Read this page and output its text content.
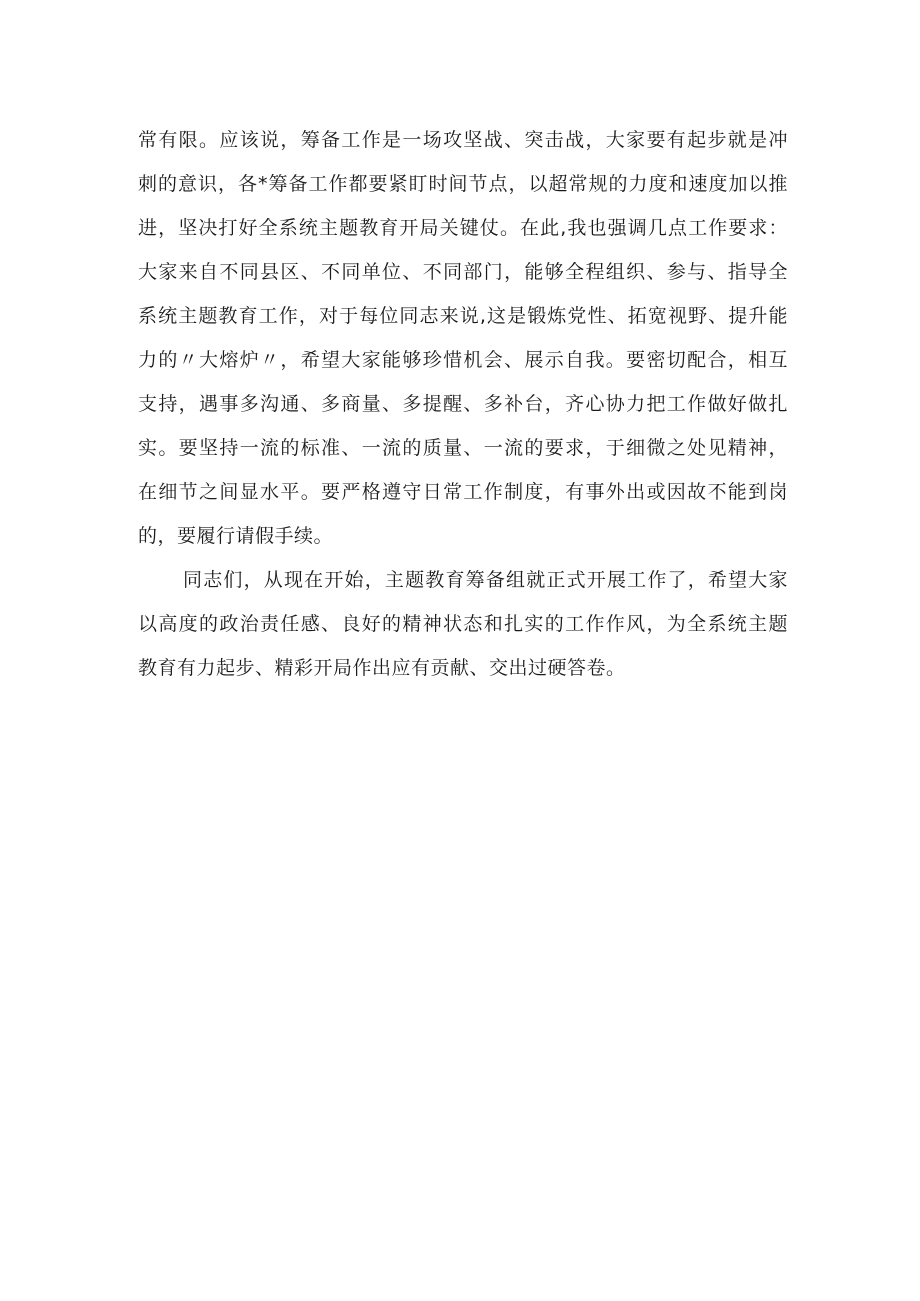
常有限。应该说，筹备工作是一场攻坚战、突击战，大家要有起步就是冲
刺的意识，各*筹备工作都要紧盯时间节点，以超常规的力度和速度加以推
进，坚决打好全系统主题教育开局关键仗。在此,我也强调几点工作要求：
大家来自不同县区、不同单位、不同部门，能够全程组织、参与、指导全
系统主题教育工作，对于每位同志来说,这是锻炼党性、拓宽视野、提升能
力的〃大熔炉〃，希望大家能够珍惜机会、展示自我。要密切配合，相互
支持，遇事多沟通、多商量、多提醒、多补台，齐心协力把工作做好做扎
实。要坚持一流的标准、一流的质量、一流的要求，于细微之处见精神，
在细节之间显水平。要严格遵守日常工作制度，有事外出或因故不能到岗
的，要履行请假手续。
同志们，从现在开始，主题教育筹备组就正式开展工作了，希望大家
以高度的政治责任感、良好的精神状态和扎实的工作作风，为全系统主题
教育有力起步、精彩开局作出应有贡献、交出过硬答卷。
